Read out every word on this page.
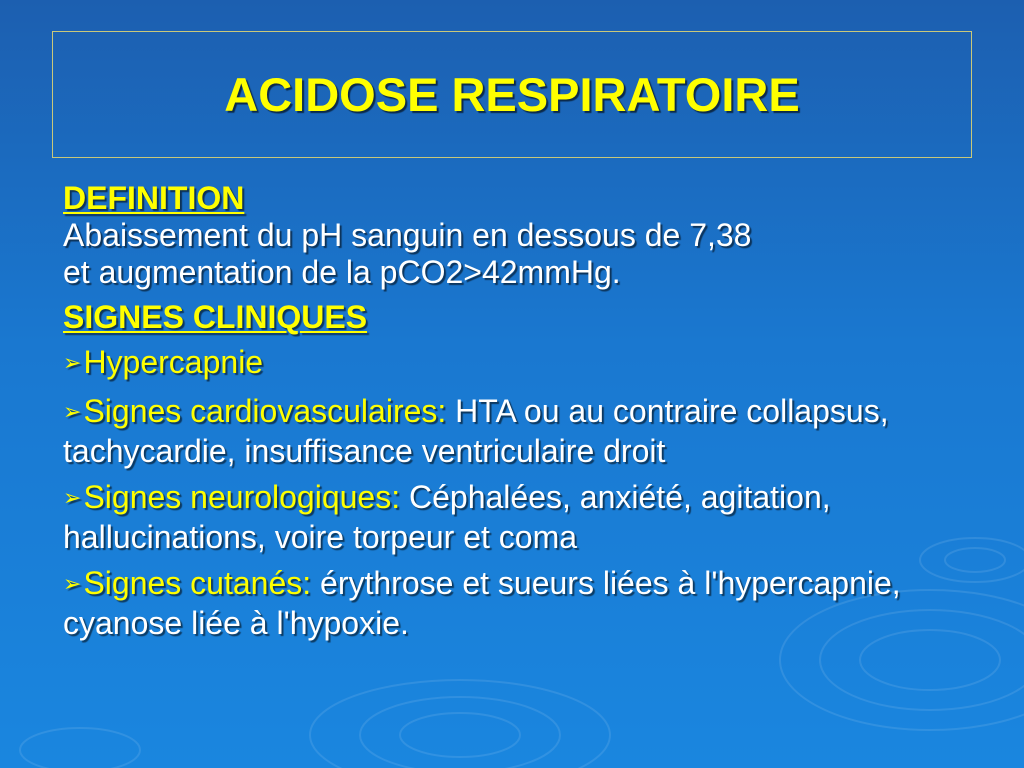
ACIDOSE RESPIRATOIRE
DEFINITION

Abaissement du pH sanguin en dessous de 7,38

et augmentation de la pCO2>42mmHg.

SIGNES CLINIQUES

➢Hypercapnie

➢Signes cardiovasculaires: HTA ou au contraire collapsus, tachycardie, insuffisance ventriculaire droit

➢Signes neurologiques: Céphalées, anxiété, agitation, hallucinations, voire torpeur et coma

➢Signes cutanés: érythrose et sueurs liées à l'hypercapnie, cyanose liée à l'hypoxie.
